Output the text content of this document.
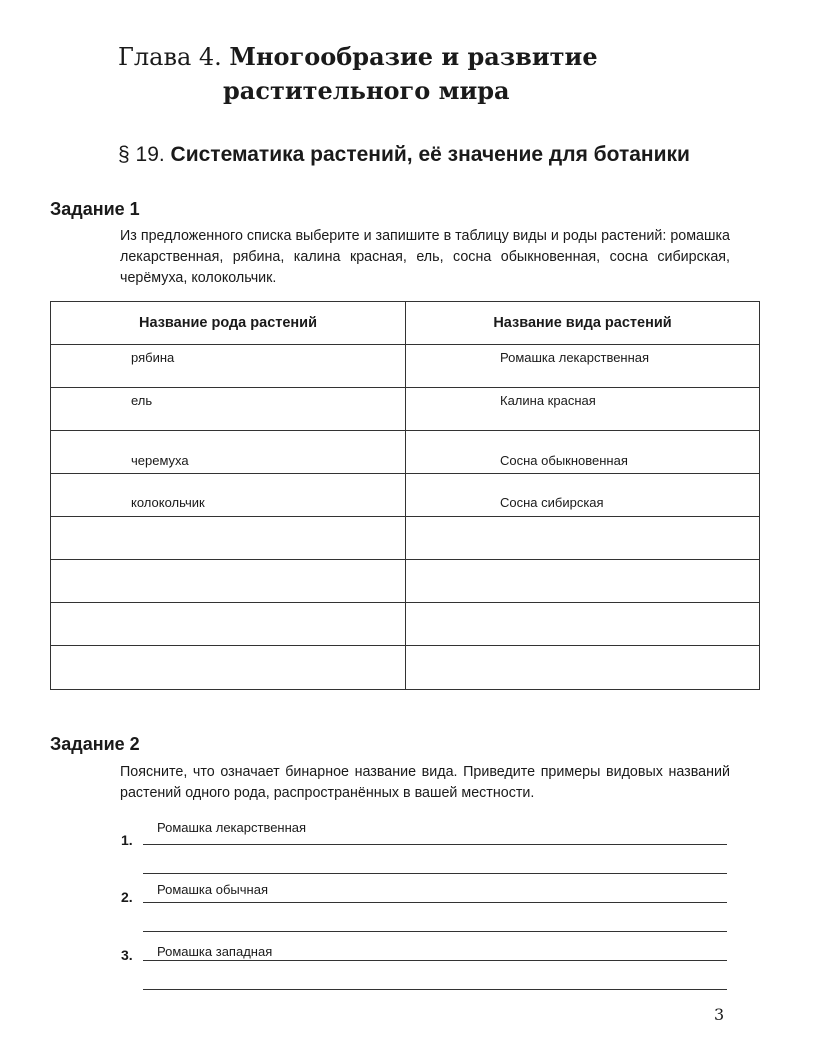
Глава 4. Многообразие и развитие
растительного мира
§ 19. Систематика растений, её значение для ботаники
Задание 1
Из предложенного списка выберите и запишите в таблицу виды и роды растений: ромашка лекарственная, рябина, калина красная, ель, сосна обыкновенная, сосна сибирская, черёмуха, колокольчик.
Название рода растений	Название вида растений
рябина	Ромашка лекарственная
ель	Калина красная
черемуха	Сосна обыкновенная
колокольчик	Сосна сибирская
Задание 2
Поясните, что означает бинарное название вида. Приведите примеры видовых названий растений одного рода, распространённых в вашей местности.
1.
Ромашка лекарственная
2. Ромашка обычная
Ромашка западная
3
3.
